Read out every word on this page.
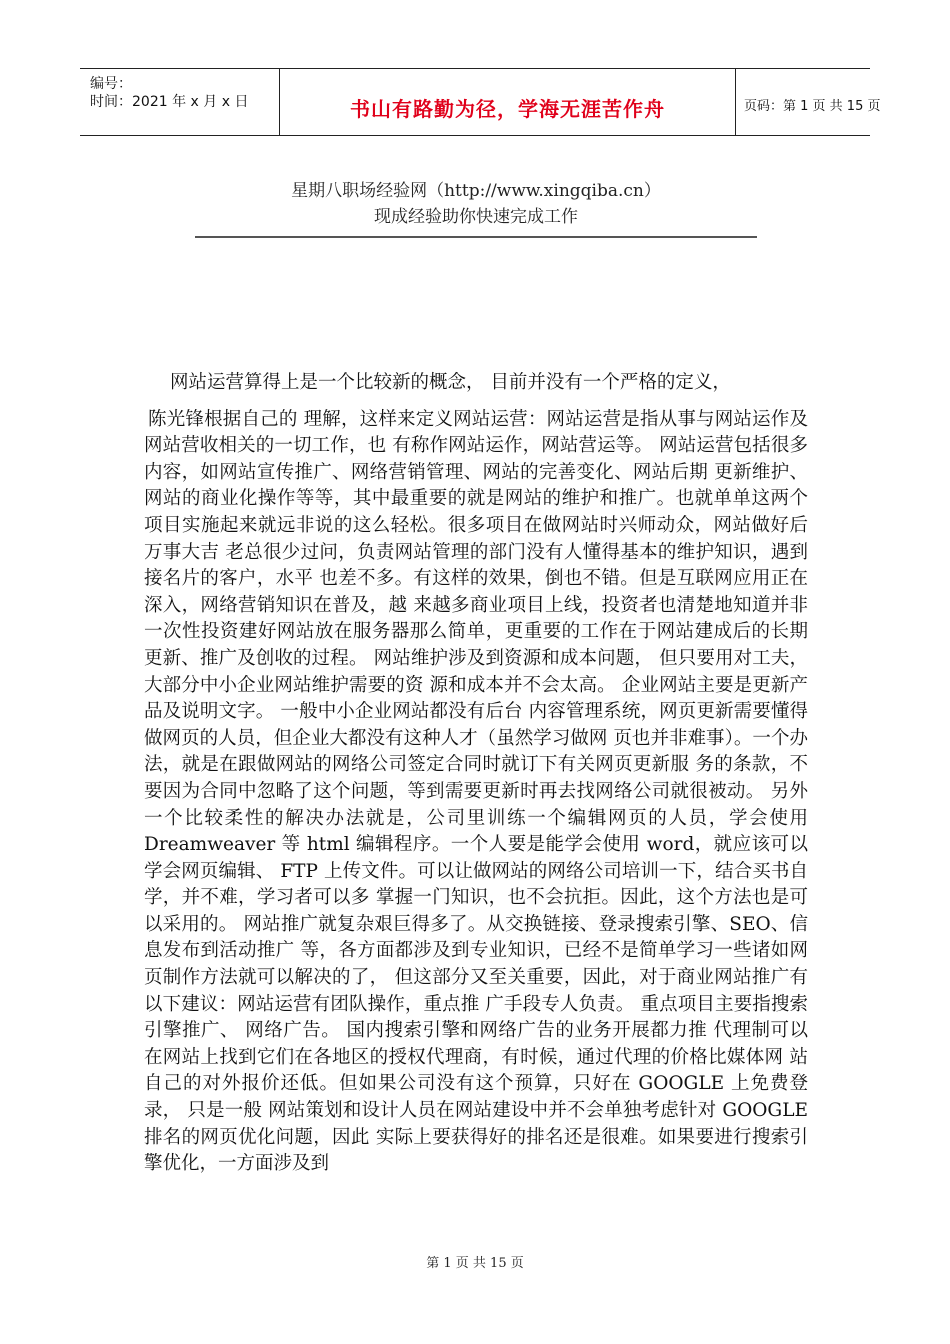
编号：
时间：2021 年 x 月 x 日	书山有路勤为径，学海无涯苦作舟	页码：第 1 页 共 15 页
星期八职场经验网（http://www.xingqiba.cn）
现成经验助你快速完成工作
网站运营算得上是一个比较新的概念， 目前并没有一个严格的定义，
陈光锋根据自己的 理解，这样来定义网站运营：网站运营是指从事与网站运作及网站营收相关的一切工作，也 有称作网站运作，网站营运等。 网站运营包括很多内容，如网站宣传推广、网络营销管理、网站的完善变化、网站后期 更新维护、网站的商业化操作等等，其中最重要的就是网站的维护和推广。也就单单这两个 项目实施起来就远非说的这么轻松。很多项目在做网站时兴师动众，网站做好后万事大吉 老总很少过问，负责网站管理的部门没有人懂得基本的维护知识，遇到接名片的客户，水平 也差不多。有这样的效果，倒也不错。但是互联网应用正在深入，网络营销知识在普及，越 来越多商业项目上线，投资者也清楚地知道并非一次性投资建好网站放在服务器那么简单，更重要的工作在于网站建成后的长期更新、推广及创收的过程。 网站维护涉及到资源和成本问题， 但只要用对工夫， 大部分中小企业网站维护需要的资 源和成本并不会太高。 企业网站主要是更新产品及说明文字。 一般中小企业网站都没有后台 内容管理系统，网页更新需要懂得做网页的人员，但企业大都没有这种人才（虽然学习做网 页也并非难事）。一个办法，就是在跟做网站的网络公司签定合同时就订下有关网页更新服 务的条款，不要因为合同中忽略了这个问题，等到需要更新时再去找网络公司就很被动。 另外一个比较柔性的解决办法就是，公司里训练一个编辑网页的人员，学会使用 Dreamweaver 等 html 编辑程序。一个人要是能学会使用 word，就应该可以学会网页编辑、 FTP 上传文件。可以让做网站的网络公司培训一下，结合买书自学，并不难，学习者可以多 掌握一门知识，也不会抗拒。因此，这个方法也是可以采用的。 网站推广就复杂艰巨得多了。从交换链接、登录搜索引擎、SEO、信息发布到活动推广 等，各方面都涉及到专业知识，已经不是简单学习一些诸如网页制作方法就可以解决的了， 但这部分又至关重要，因此，对于商业网站推广有以下建议：网站运营有团队操作，重点推 广手段专人负责。 重点项目主要指搜索引擎推广、 网络广告。 国内搜索引擎和网络广告的业务开展都力推 代理制可以在网站上找到它们在各地区的授权代理商，有时候，通过代理的价格比媒体网 站自己的对外报价还低。但如果公司没有这个预算，只好在 GOOGLE 上免费登录， 只是一般 网站策划和设计人员在网站建设中并不会单独考虑针对 GOOGLE 排名的网页优化问题，因此 实际上要获得好的排名还是很难。如果要进行搜索引擎优化，一方面涉及到
第 1 页 共 15 页
